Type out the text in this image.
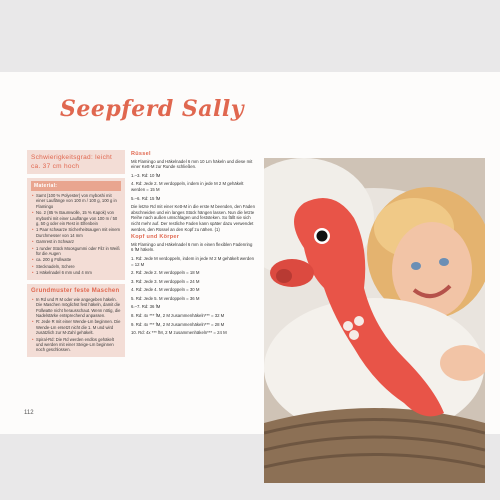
Seepferd Sally
Schwierigkeitsgrad: leicht ca. 37 cm hoch
Material:
• Samt (100 % Polyester) von myboshi mit einer Lauflänge von 100 m / 100 g, 100 g in Flamingo
• No. 2 (85 % Baumwolle, 15 % Kapok) von myboshi mit einer Lauflänge von 100 m / 50 g, 50 g oder ein Rest in Elfenbein
• 1 Paar schwarze Sicherheitsaugen mit einem Durchmesser von 14 mm
• Garnrest in Schwarz
• 1 runder Stück Moosgummi oder Filz in Weiß für die Augen
• ca. 200 g Füllwatte
• Stecknadeln, Schere
• 1 Häkelnadel 6 mm und 4 mm
Grundmuster feste Maschen
• In Rd und R M oder wie angegeben häkeln. Die Maschen möglichst fest häkeln, damit die Füllwatte nicht herausschaut. Wenn nötig, die Nadelstärke entsprechend anpassen.
• R: Jede R mit einer Wende-Lm beginnen. Die Wende-Lm ersetzt nicht die 1. M und wird zusätzlich zur M-Zahl gehäkelt.
• Spiral-Rd: Die Rd werden endlos gehäkelt und werden mit einer Steige-Lm beginnen noch geschlossen.
Rüssel

Mit Flamingo und Häkelnadel 6 mm 10 Lm häkeln und diese mit einer Kett-M zur Runde schließen.

1.–3. Rd: 10 fM

4. Rd: Jede 2. M verdoppeln, indem in jede M 2 M gehäkelt werden = 15 M

5.–6. Rd: 15 fM

Die letzte Rd mit einer Kett-M in die erste M beenden, den Faden abschneiden und ein langes Stück hängen lassen. Nun die letzte Reihe nach außen umschlagen und feststeken. So fällt sie sich nicht mehr auf. Der restliche Faden kann später dazu verwendet werden, den Rüssel an den Kopf zu nähen. (1)

Kopf und Körper

Mit Flamingo und Häkelnadel 6 mm in einen flexiblen Fadenring 6 fM häkeln.

1. Rd: Jede M verdoppeln, indem in jede M 2 M gehäkelt werden = 12 M

2. Rd: Jede 2. M verdoppeln = 18 M

3. Rd: Jede 3. M verdoppeln = 24 M

4. Rd: Jede 4. M verdoppeln = 30 M

5. Rd: Jede 5. M verdoppeln = 36 M

6.–7. Rd: 36 fM

8. Rd: 4x *** fM, 2 M zusammenhäkeln*** = 32 M

9. Rd: 4x *** fM, 2 M zusammenhäkeln*** = 28 M

10. Rd: 4x *** fM, 2 M zusammenhäkeln*** = 24 M

112
